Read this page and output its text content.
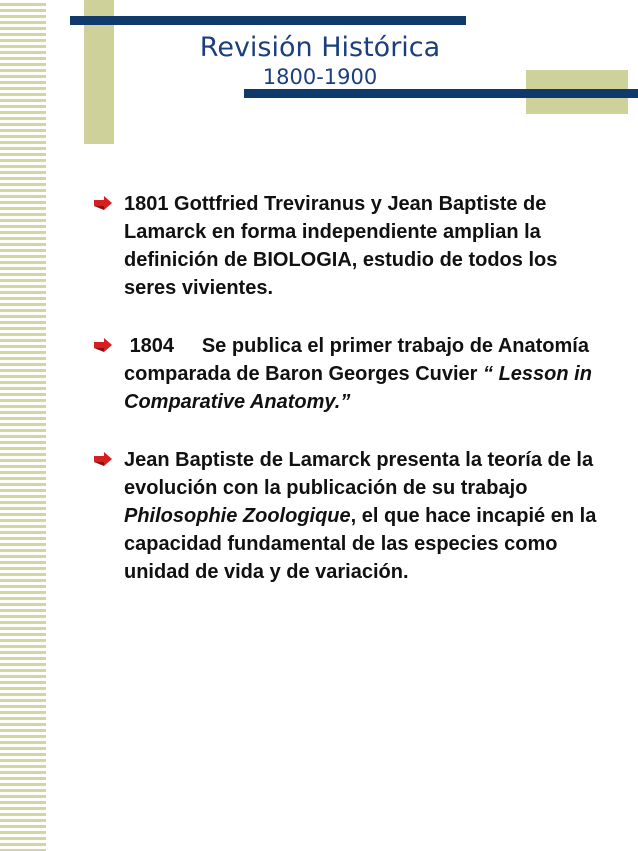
Revisión Histórica
1800-1900
1801 Gottfried Treviranus y Jean Baptiste de Lamarck en forma independiente amplian la definición de BIOLOGIA, estudio de todos los seres vivientes.
1804     Se publica el primer trabajo de Anatomía comparada de Baron Georges Cuvier “ Lesson in Comparative Anatomy.”
Jean Baptiste de Lamarck presenta la teoría de la evolución con la publicación de su trabajo Philosophie Zoologique, el que hace incapié en la capacidad fundamental de las especies como unidad de vida y de variación.
